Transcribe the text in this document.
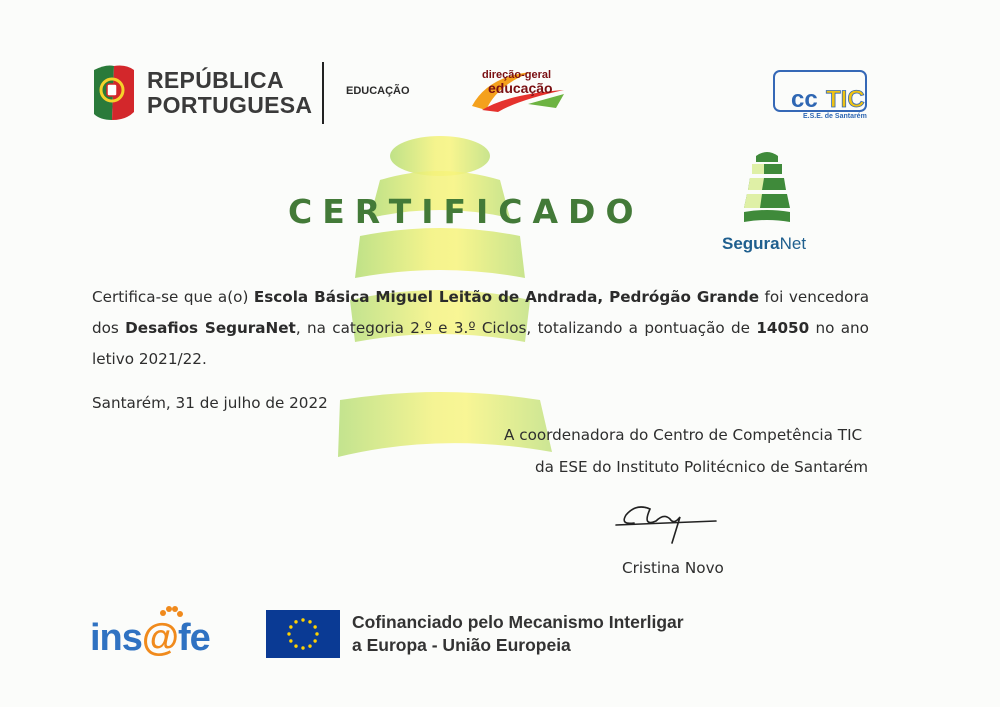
REPÚBLICA
PORTUGUESA
EDUCAÇÃO
direção-geral
educação	cc TIC
E.S.E. de Santarém
SeguraNet
CERTIFICADO
Certifica-se que a(o) Escola Básica Miguel Leitão de Andrada, Pedrógão Grande foi vencedora dos Desafios SeguraNet, na categoria 2.º e 3.º Ciclos, totalizando a pontuação de 14050 no ano letivo 2021/22.
Santarém, 31 de julho de 2022
A coordenadora do Centro de Competência TIC
da ESE do Instituto Politécnico de Santarém
Cristina Novo
ins@fe	Cofinanciado pelo Mecanismo Interligar
a Europa - União Europeia
